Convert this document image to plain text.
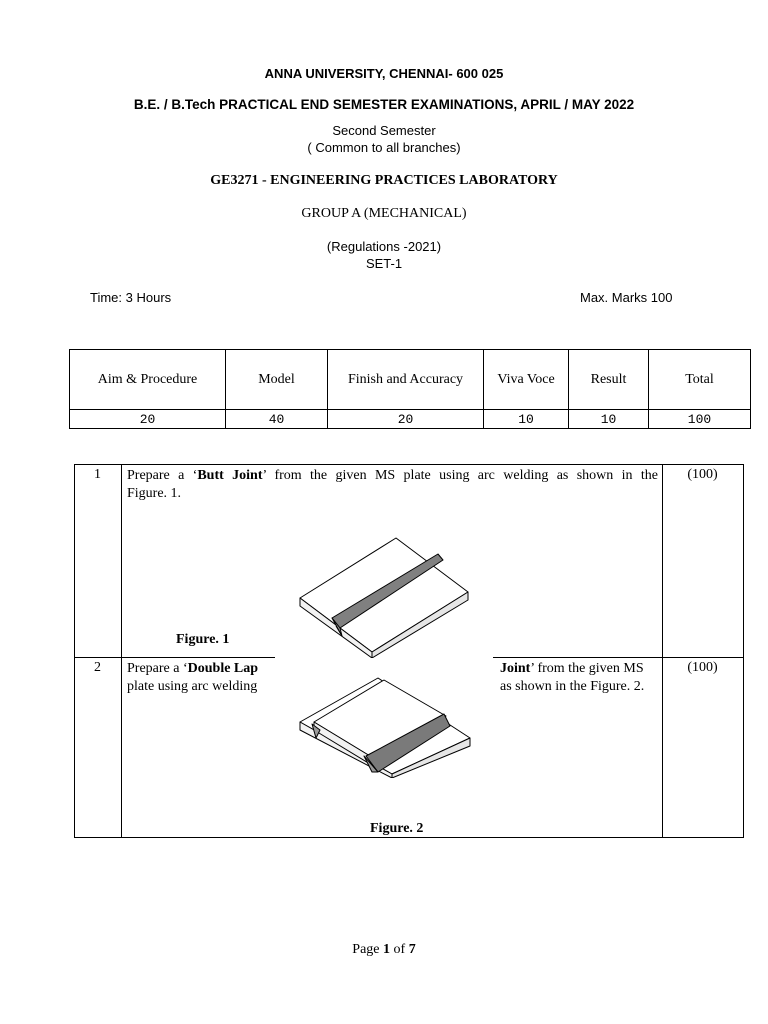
ANNA UNIVERSITY, CHENNAI- 600 025
B.E. / B.Tech PRACTICAL END SEMESTER EXAMINATIONS, APRIL / MAY 2022
Second Semester
( Common to all branches)
GE3271 - ENGINEERING PRACTICES LABORATORY
GROUP A (MECHANICAL)
(Regulations -2021)
SET-1
Time: 3 Hours	Max. Marks 100
Aim & Procedure	Model	Finish and Accuracy	Viva Voce	Result	Total
20	40	20	10	10	100
1	Prepare a ‘Butt Joint’ from the given MS plate using arc welding as shown in the
Figure. 1.
(100)
Figure. 1
2	Prepare a ‘Double Lap
plate using arc welding
Joint’ from the given MS
as shown in the Figure. 2.
(100)
Figure. 2
Page 1 of 7
